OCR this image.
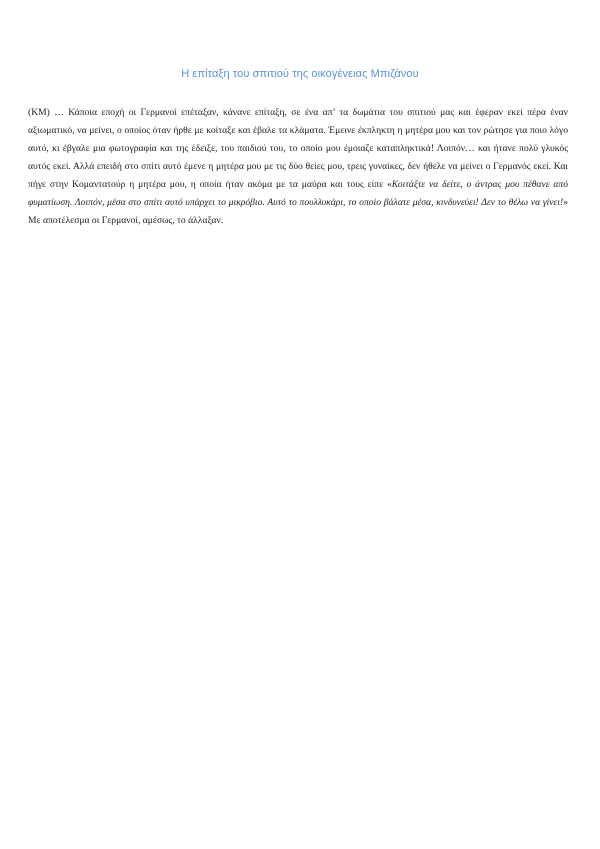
Η επίταξη του σπιτιού της οικογένειας Μπιζάνου

(ΚΜ) … Κάποια εποχή οι Γερμανοί επέταξαν, κάνανε επίταξη, σε ένα απ’ τα δωμάτια του σπιτιού μας και έφεραν εκεί πέρα έναν αξιωματικό, να μείνει, ο οποίος όταν ήρθε με κοίταξε και έβαλε τα κλάματα. Έμεινε έκπληκτη η μητέρα μου και τον ρώτησε για ποιο λόγο αυτό, κι έβγαλε μια φωτογραφία και της έδειξε, του παιδιού του, το οποίο μου έμοιαζε καταπληκτικά! Λοιπόν… και ήτανε πολύ γλυκός αυτός εκεί. Αλλά επειδή στο σπίτι αυτό έμενε η μητέρα μου με τις δύο θείες μου, τρεις γυναίκες, δεν ήθελε να μείνει ο Γερμανός εκεί. Και πήγε στην Κομαντατούρ η μητέρα μου, η οποία ήταν ακόμα με τα μαύρα και τους είπε «Κοιτάξτε να δείτε, ο άντρας μου πέθανε από φυματίωση. Λοιπόν, μέσα στο σπίτι αυτό υπάρχει το μικρόβιο. Αυτό το πουλλυκάρι, το οποίο βάλατε μέσα, κινδυνεύει! Δεν το θέλω να γίνει!» Με αποτέλεσμα οι Γερμανοί, αμέσως, το άλλαξαν.
